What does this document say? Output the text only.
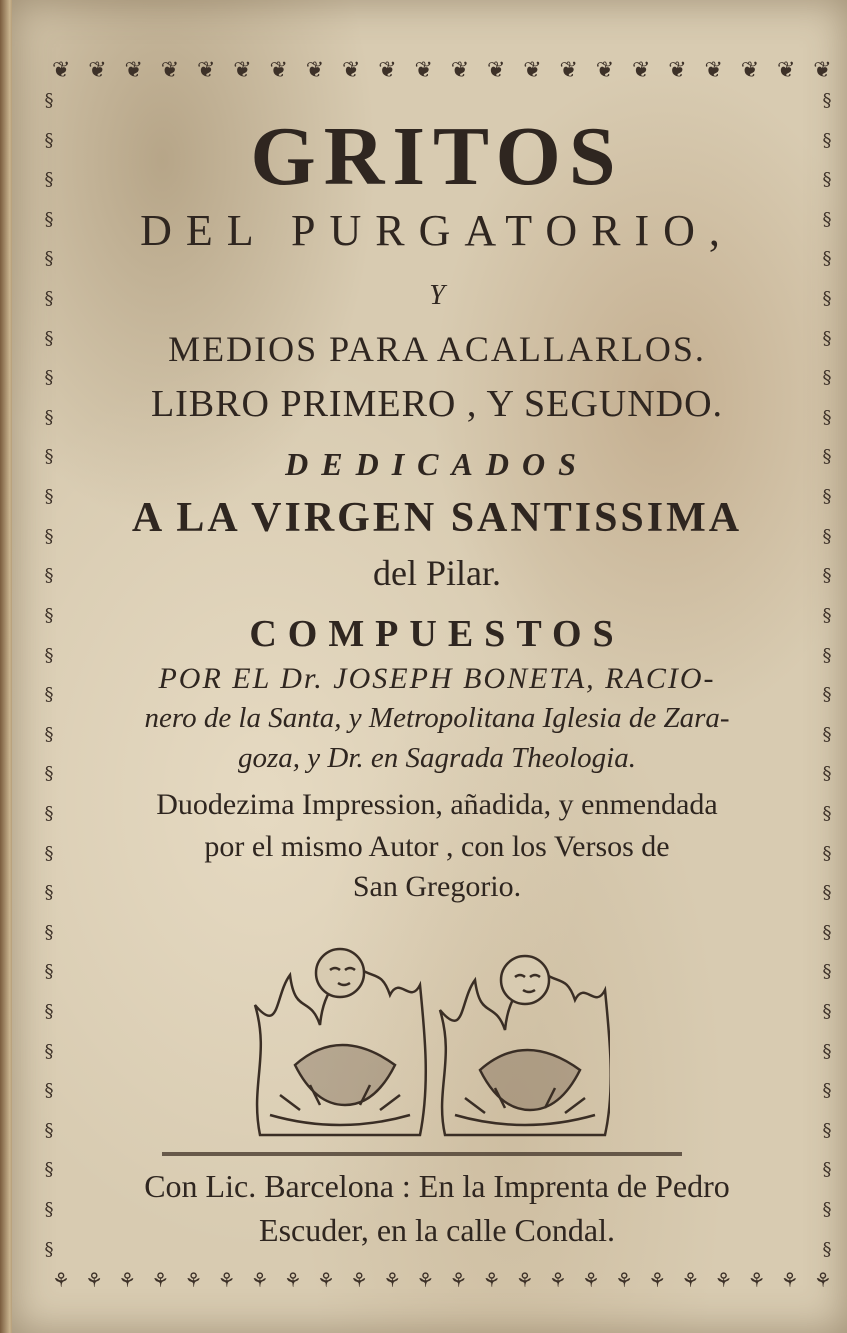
❦ ❦ ❦ ❦ ❦ ❦ ❦ ❦ ❦ ❦ ❦ ❦ ❦ ❦ ❦ ❦ ❦ ❦ ❦ ❦ ❦ ❦
§
§
§
§
§
§
§
§
§
§
§
§
§
§
§
§
§
§
§
§
§
§
§
§
§
§
§
§
§
§
§
§
§
§
§
§
§
§
§
§
§
§
§
§
§
§
§
§
§
§
§
§
§
§
§
§
§
§
§
§
GRITOS
DEL PURGATORIO,
Y
MEDIOS PARA ACALLARLOS.
LIBRO PRIMERO , Y SEGUNDO.
DEDICADOS
A LA VIRGEN SANTISSIMA
del Pilar.
COMPUESTOS
POR EL Dr. JOSEPH BONETA, RACIO-
nero de la Santa, y Metropolitana Iglesia de Zara-
goza, y Dr. en Sagrada Theologia.
Duodezima Impression, añadida, y enmendada
por el mismo Autor , con los Versos de
San Gregorio.
Con Lic. Barcelona : En la Imprenta de Pedro
Escuder, en la calle Condal.
⚘ ⚘ ⚘ ⚘ ⚘ ⚘ ⚘ ⚘ ⚘ ⚘ ⚘ ⚘ ⚘ ⚘ ⚘ ⚘ ⚘ ⚘ ⚘ ⚘ ⚘ ⚘ ⚘ ⚘
